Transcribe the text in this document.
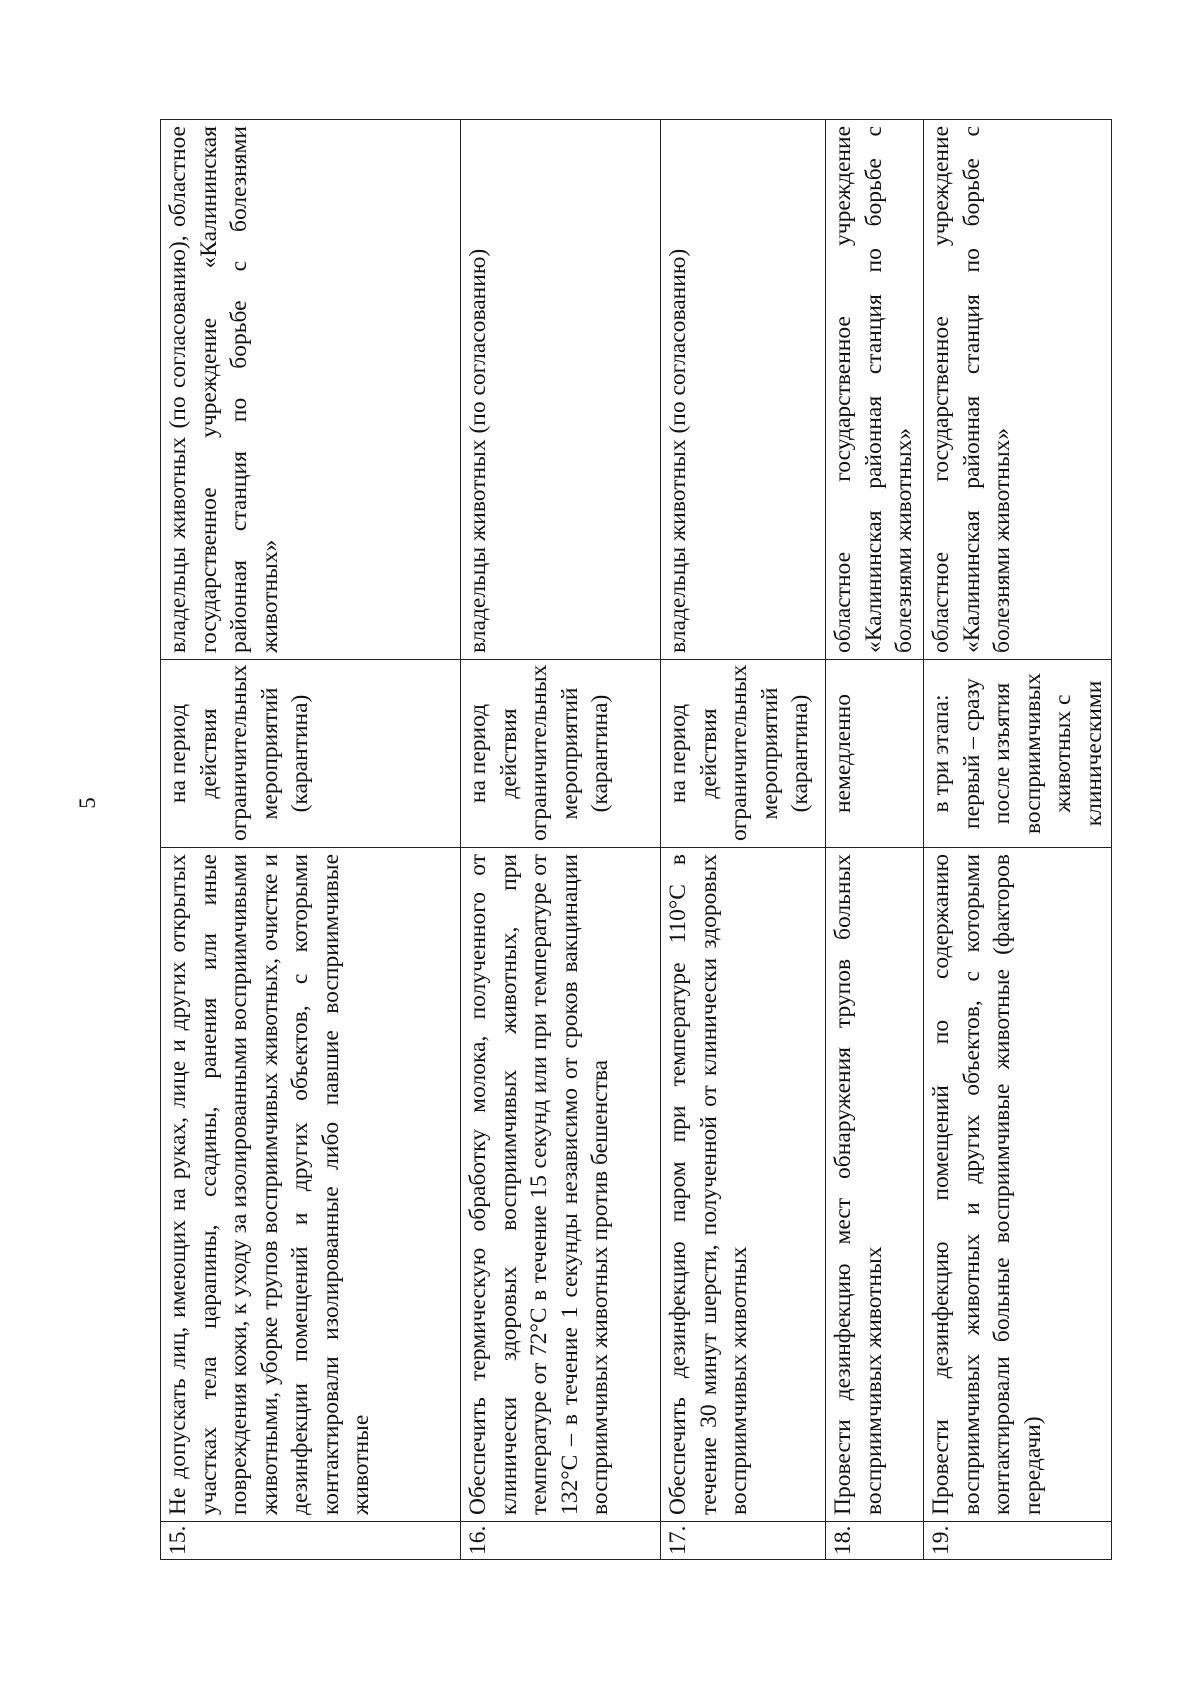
5
15.	Не допускать лиц, имеющих на руках, лице и других открытых участках тела царапины, ссадины, ранения или иные повреждения кожи, к уходу за изолированными восприимчивыми животными, уборке трупов восприимчивых животных, очистке и дезинфекции помещений и других объектов, с которыми контактировали изолированные либо павшие восприимчивые животные	на период действия ограничительных мероприятий (карантина)	владельцы животных (по согласованию), областное государственное учреждение «Калининская районная станция по борьбе с болезнями животных»
16.	Обеспечить термическую обработку молока, полученного от клинически здоровых восприимчивых животных, при температуре от 72°С в течение 15 секунд или при температуре от 132°С – в течение 1 секунды независимо от сроков вакцинации восприимчивых животных против бешенства	на период действия ограничительных мероприятий (карантина)	владельцы животных (по согласованию)
17.	Обеспечить дезинфекцию паром при температуре 110°С в течение 30 минут шерсти, полученной от клинически здоровых восприимчивых животных	на период действия ограничительных мероприятий (карантина)	владельцы животных (по согласованию)
18.	Провести дезинфекцию мест обнаружения трупов больных восприимчивых животных	немедленно	областное государственное учреждение «Калининская районная станция по борьбе с болезнями животных»
19.	Провести дезинфекцию помещений по содержанию восприимчивых животных и других объектов, с которыми контактировали больные восприимчивые животные (факторов передачи)	в три этапа: первый – сразу после изъятия восприимчивых животных с клиническими	областное государственное учреждение «Калининская районная станция по борьбе с болезнями животных»
